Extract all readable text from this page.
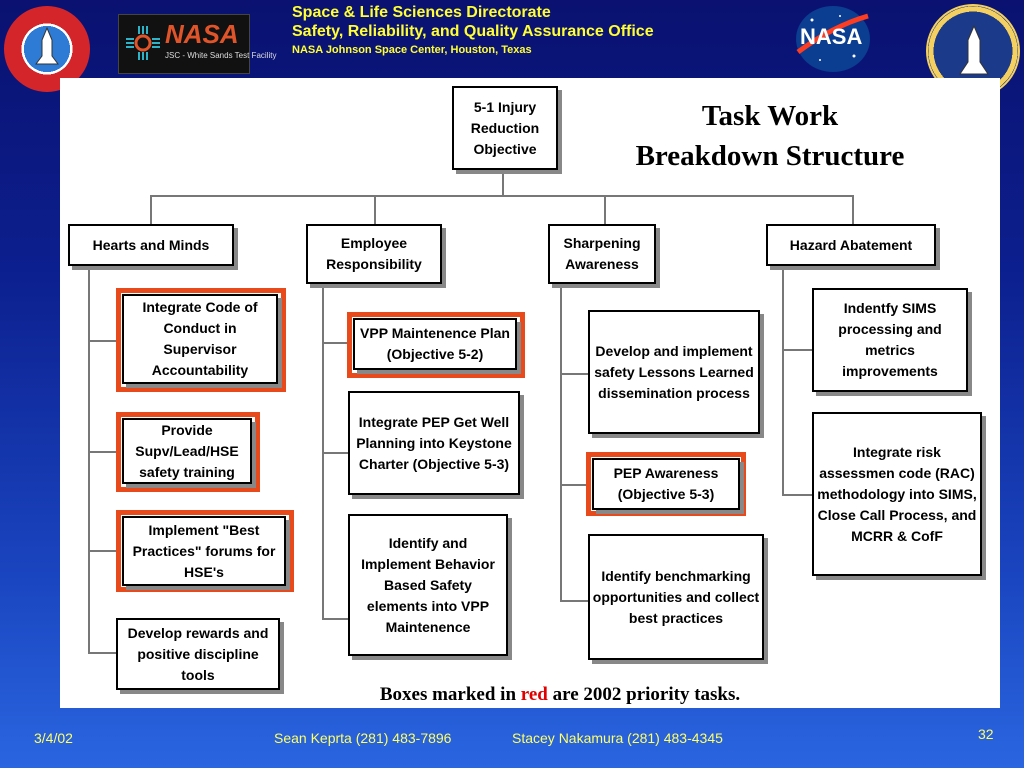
NASA
JSC - White Sands Test Facility
Space & Life Sciences Directorate
Safety, Reliability, and Quality Assurance Office
NASA Johnson Space Center, Houston, Texas
NASA
5-1 Injury Reduction Objective
Task Work
Breakdown Structure
Hearts and Minds	Employee Responsibility
Sharpening Awareness
Hazard Abatement
Integrate Code of Conduct in Supervisor Accountability
Provide Supv/Lead/HSE safety training
Implement "Best Practices" forums for HSE's
Develop rewards and positive discipline tools
VPP Maintenence Plan (Objective 5-2)
Integrate PEP Get Well Planning into Keystone Charter (Objective 5-3)
Identify and Implement Behavior Based Safety elements into VPP Maintenence
Develop and implement safety Lessons Learned dissemination process
PEP Awareness (Objective 5-3)
Identify benchmarking opportunities and collect best practices
Indentfy SIMS processing and metrics improvements
Integrate risk assessmen code (RAC) methodology into SIMS, Close Call Process, and MCRR & CofF
Boxes marked in red are 2002 priority tasks.
3/4/02	Sean Keprta (281) 483-7896	Stacey Nakamura (281) 483-4345	32
